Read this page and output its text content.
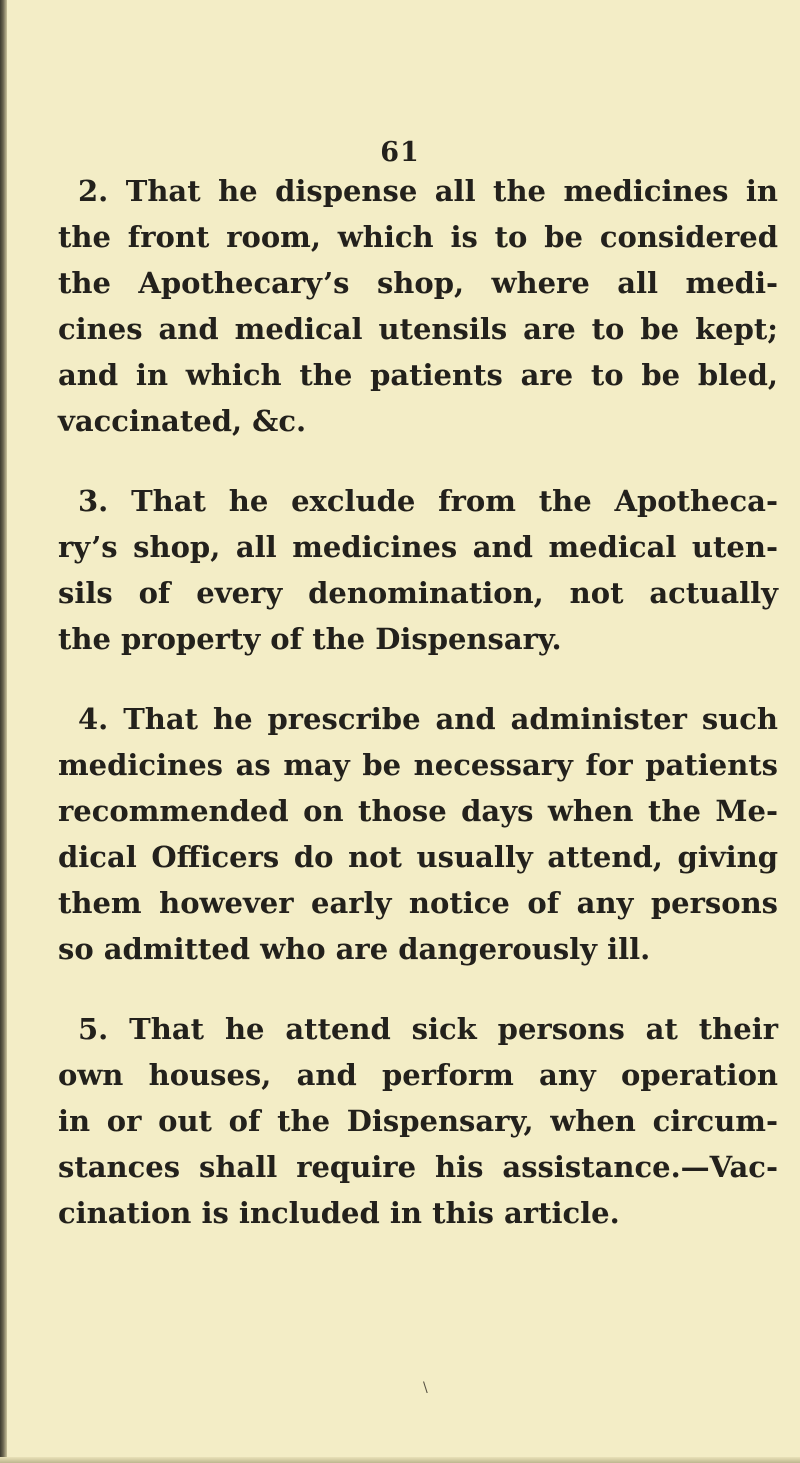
61
2. That he dispense all the medicines in
the front room, which is to be considered
the Apothecary’s shop, where all medi-
cines and medical utensils are to be kept;
and in which the patients are to be bled,
vaccinated, &c.
3. That he exclude from the Apotheca-
ry’s shop, all medicines and medical uten-
sils of every denomination, not actually
the property of the Dispensary.
4. That he prescribe and administer such
medicines as may be necessary for patients
recommended on those days when the Me-
dical Officers do not usually attend, giving
them however early notice of any persons
so admitted who are dangerously ill.
5. That he attend sick persons at their
own houses, and perform any operation
in or out of the Dispensary, when circum-
stances shall require his assistance.—Vac-
cination is included in this article.
\
